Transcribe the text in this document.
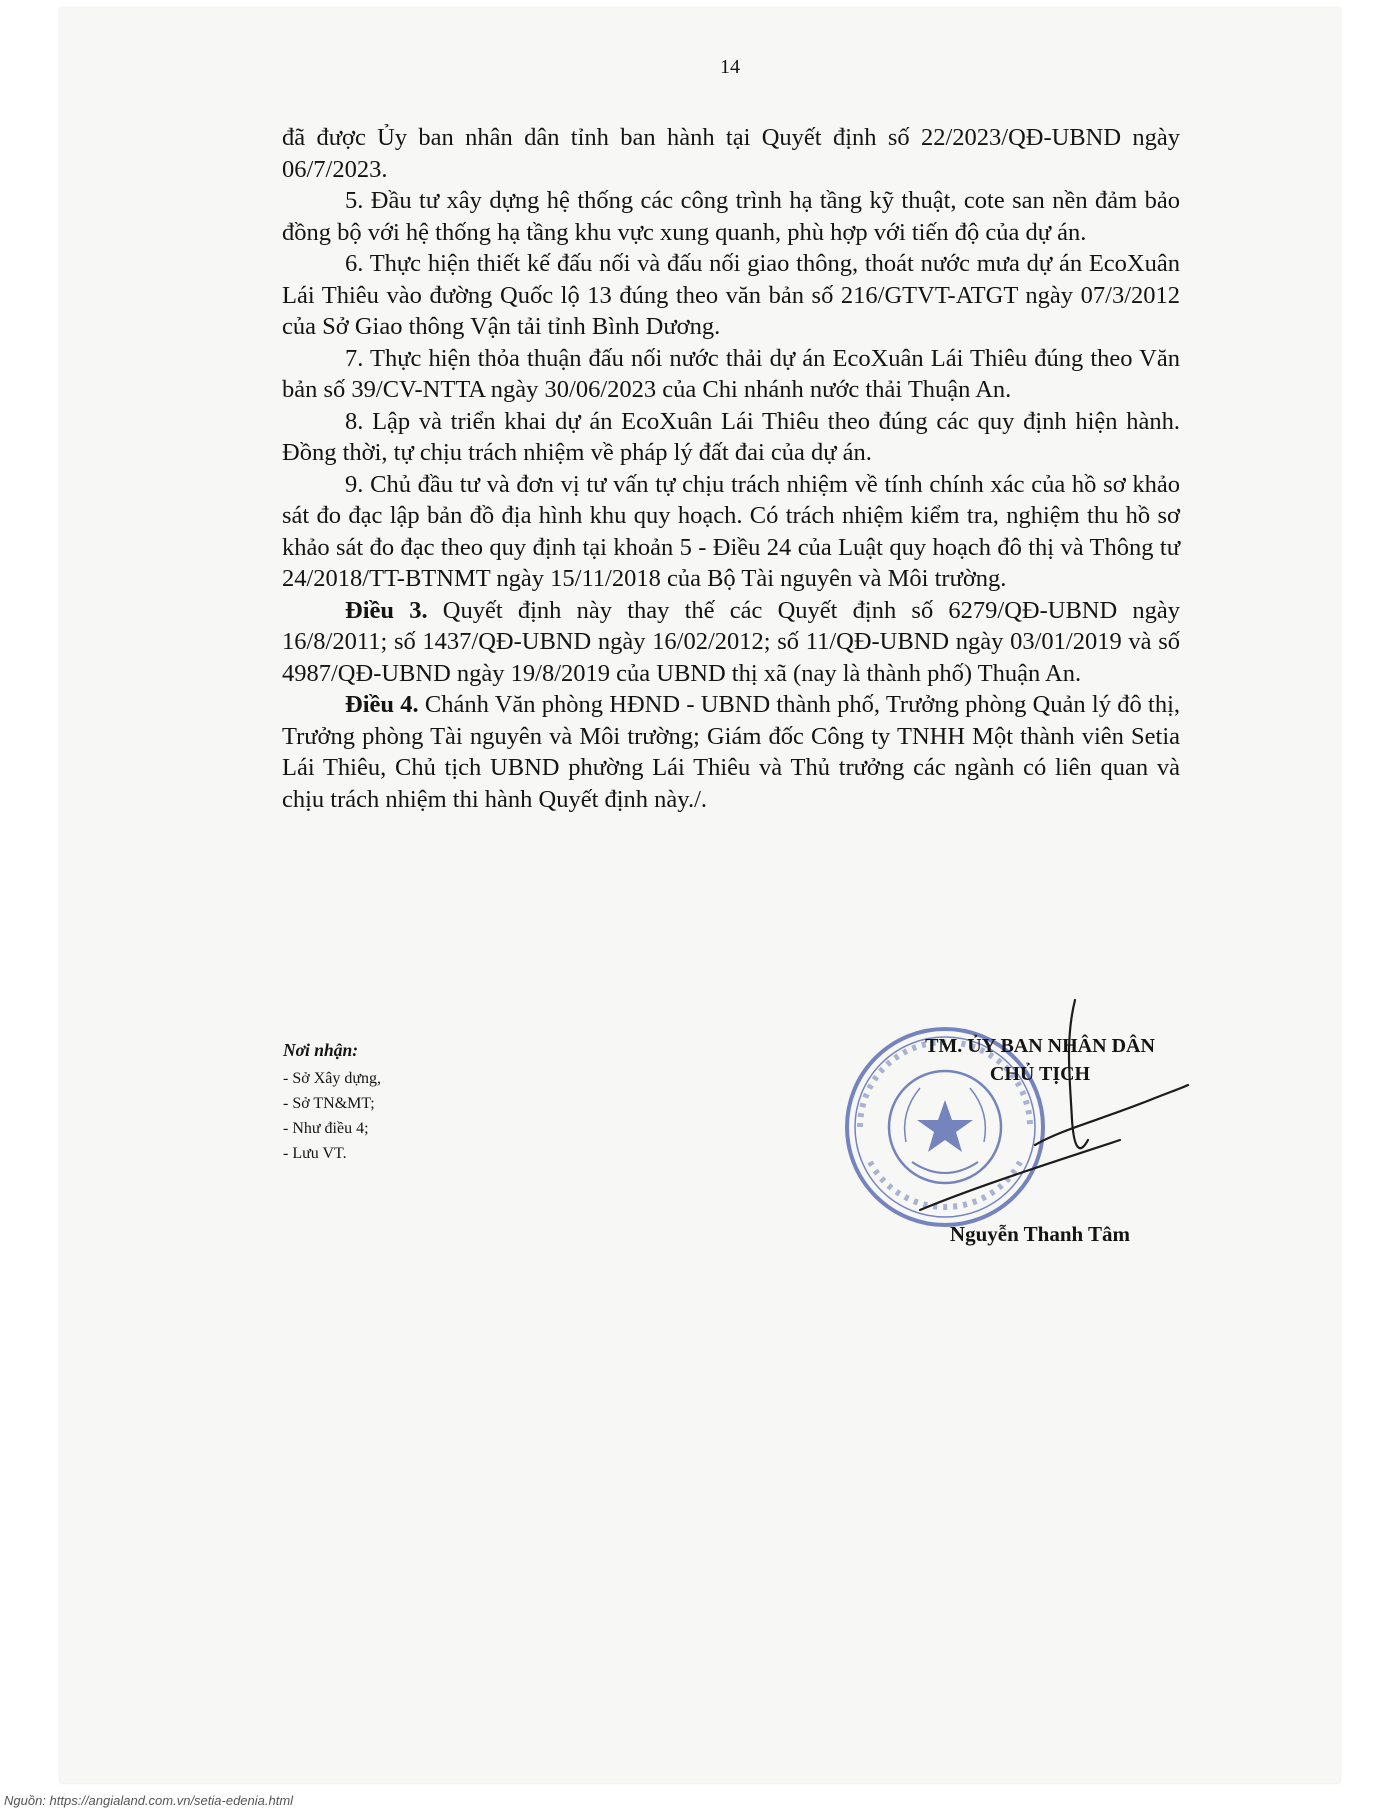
14

đã được Ủy ban nhân dân tỉnh ban hành tại Quyết định số 22/2023/QĐ-UBND ngày 06/7/2023.

5. Đầu tư xây dựng hệ thống các công trình hạ tầng kỹ thuật, cote san nền đảm bảo đồng bộ với hệ thống hạ tầng khu vực xung quanh, phù hợp với tiến độ của dự án.

6. Thực hiện thiết kế đấu nối và đấu nối giao thông, thoát nước mưa dự án EcoXuân Lái Thiêu vào đường Quốc lộ 13 đúng theo văn bản số 216/GTVT-ATGT ngày 07/3/2012 của Sở Giao thông Vận tải tỉnh Bình Dương.

7. Thực hiện thỏa thuận đấu nối nước thải dự án EcoXuân Lái Thiêu đúng theo Văn bản số 39/CV-NTTA ngày 30/06/2023 của Chi nhánh nước thải Thuận An.

8. Lập và triển khai dự án EcoXuân Lái Thiêu theo đúng các quy định hiện hành. Đồng thời, tự chịu trách nhiệm về pháp lý đất đai của dự án.

9. Chủ đầu tư và đơn vị tư vấn tự chịu trách nhiệm về tính chính xác của hồ sơ khảo sát đo đạc lập bản đồ địa hình khu quy hoạch. Có trách nhiệm kiểm tra, nghiệm thu hồ sơ khảo sát đo đạc theo quy định tại khoản 5 - Điều 24 của Luật quy hoạch đô thị và Thông tư 24/2018/TT-BTNMT ngày 15/11/2018 của Bộ Tài nguyên và Môi trường.

Điều 3. Quyết định này thay thế các Quyết định số 6279/QĐ-UBND ngày 16/8/2011; số 1437/QĐ-UBND ngày 16/02/2012; số 11/QĐ-UBND ngày 03/01/2019 và số 4987/QĐ-UBND ngày 19/8/2019 của UBND thị xã (nay là thành phố) Thuận An.

Điều 4. Chánh Văn phòng HĐND - UBND thành phố, Trưởng phòng Quản lý đô thị, Trưởng phòng Tài nguyên và Môi trường; Giám đốc Công ty TNHH Một thành viên Setia Lái Thiêu, Chủ tịch UBND phường Lái Thiêu và Thủ trưởng các ngành có liên quan và chịu trách nhiệm thi hành Quyết định này./.

Nơi nhận:
- Sở Xây dựng,
- Sở TN&MT;
- Như điều 4;
- Lưu VT.
TM. ỦY BAN NHÂN DÂN
CHỦ TỊCH
Nguyễn Thanh Tâm
Nguồn: https://angialand.com.vn/setia-edenia.html
